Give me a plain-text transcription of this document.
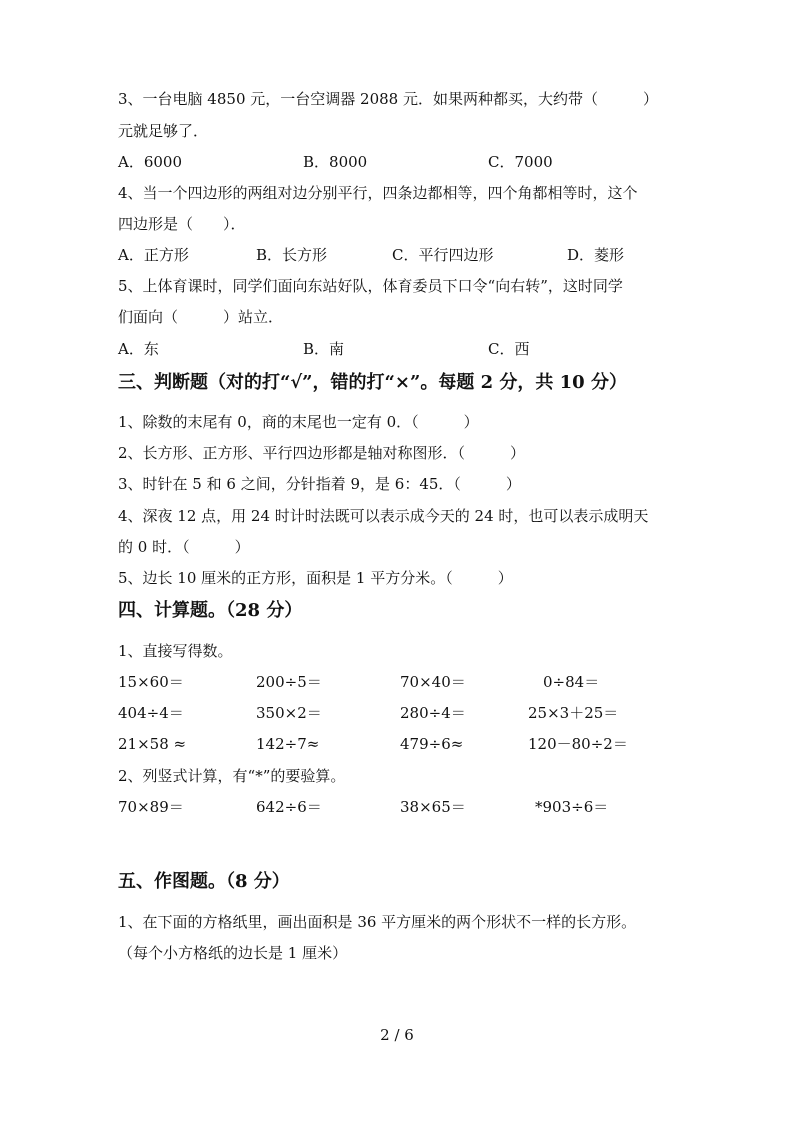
3、一台电脑 4850 元，一台空调器 2088 元．如果两种都买，大约带（　　　）
元就足够了．
A．6000	B．8000	C．7000
4、当一个四边形的两组对边分别平行，四条边都相等，四个角都相等时，这个
四边形是（　　）．
A．正方形	B．长方形	C．平行四边形	D．菱形
5、上体育课时，同学们面向东站好队，体育委员下口令“向右转”，这时同学
们面向（　　　）站立．
A．东	B．南	C．西
三、判断题（对的打“√”，错的打“×”。每题 2 分，共 10 分）
1、除数的末尾有 0，商的末尾也一定有 0．（　　　）
2、长方形、正方形、平行四边形都是轴对称图形．（　　　）
3、时针在 5 和 6 之间，分针指着 9，是 6：45．（　　　）
4、深夜 12 点，用 24 时计时法既可以表示成今天的 24 时，也可以表示成明天
的 0 时．（　　　）
5、边长 10 厘米的正方形，面积是 1 平方分米。（　　　）
四、计算题。（28 分）
1、直接写得数。
15×60＝	200÷5＝	70×40＝	0÷84＝
404÷4＝	350×2＝	280÷4＝	25×3＋25＝
21×58 ≈	142÷7≈	479÷6≈	120－80÷2＝
2、列竖式计算，有“*”的要验算。
70×89＝	642÷6＝	38×65＝	*903÷6＝
五、作图题。（8 分）
1、在下面的方格纸里，画出面积是 36 平方厘米的两个形状不一样的长方形。
（每个小方格纸的边长是 1 厘米）
2 / 6
